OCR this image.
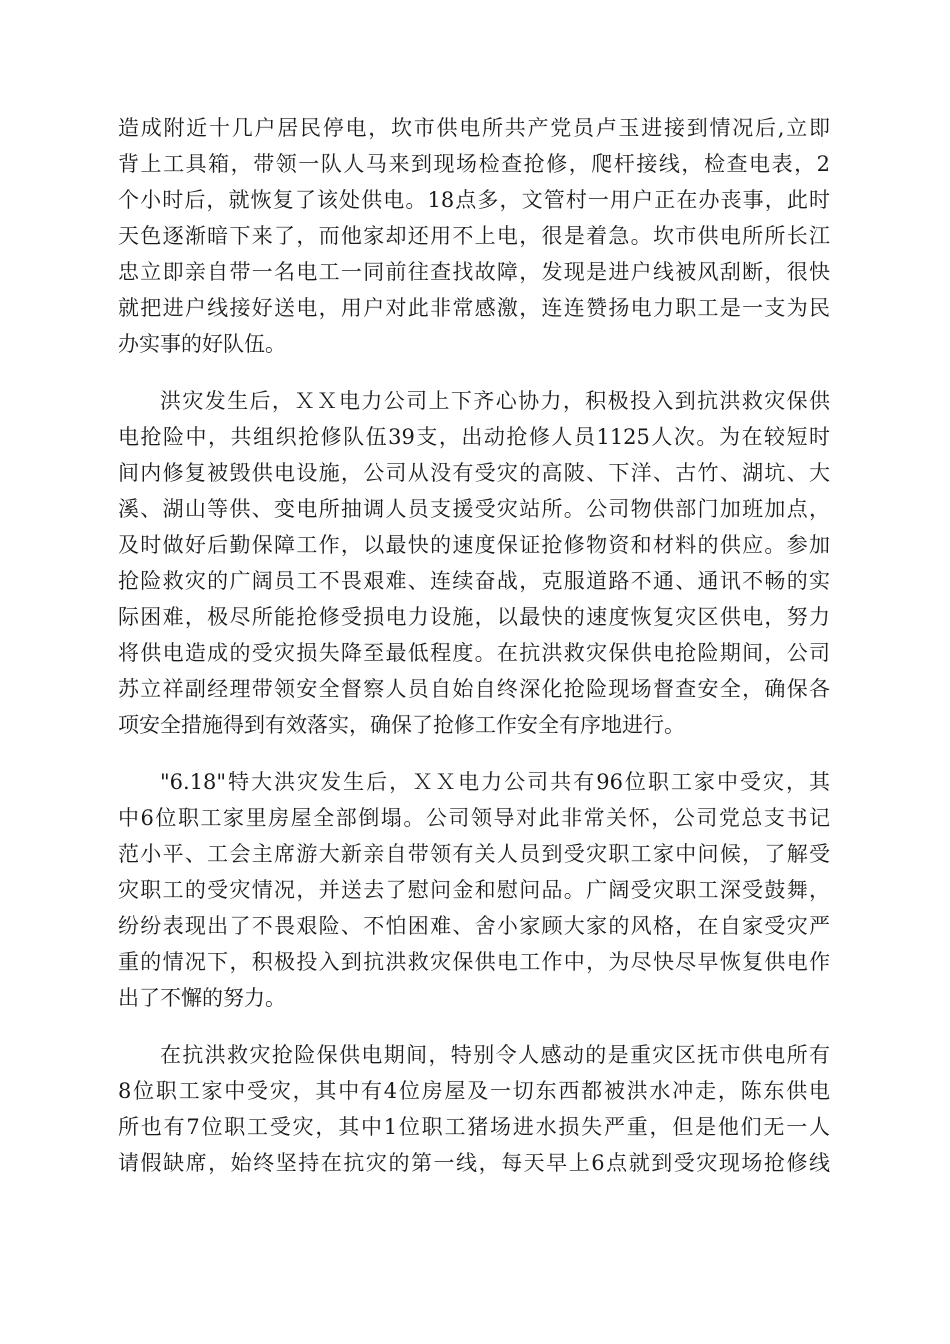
造成附近十几户居民停电，坎市供电所共产党员卢玉进接到情况后,立即
背上工具箱，带领一队人马来到现场检查抢修，爬杆接线，检查电表，2
个小时后，就恢复了该处供电。18点多，文管村一用户正在办丧事，此时
天色逐渐暗下来了，而他家却还用不上电，很是着急。坎市供电所所长江
忠立即亲自带一名电工一同前往查找故障，发现是进户线被风刮断，很快
就把进户线接好送电，用户对此非常感激，连连赞扬电力职工是一支为民
办实事的好队伍。
洪灾发生后，ＸＸ电力公司上下齐心协力，积极投入到抗洪救灾保供
电抢险中，共组织抢修队伍39支，出动抢修人员1125人次。为在较短时
间内修复被毁供电设施，公司从没有受灾的高陂、下洋、古竹、湖坑、大
溪、湖山等供、变电所抽调人员支援受灾站所。公司物供部门加班加点，
及时做好后勤保障工作，以最快的速度保证抢修物资和材料的供应。参加
抢险救灾的广阔员工不畏艰难、连续奋战，克服道路不通、通讯不畅的实
际困难，极尽所能抢修受损电力设施，以最快的速度恢复灾区供电，努力
将供电造成的受灾损失降至最低程度。在抗洪救灾保供电抢险期间，公司
苏立祥副经理带领安全督察人员自始自终深化抢险现场督查安全，确保各
项安全措施得到有效落实，确保了抢修工作安全有序地进行。
"6.18"特大洪灾发生后，ＸＸ电力公司共有96位职工家中受灾，其
中6位职工家里房屋全部倒塌。公司领导对此非常关怀，公司党总支书记
范小平、工会主席游大新亲自带领有关人员到受灾职工家中问候，了解受
灾职工的受灾情况，并送去了慰问金和慰问品。广阔受灾职工深受鼓舞，
纷纷表现出了不畏艰险、不怕困难、舍小家顾大家的风格，在自家受灾严
重的情况下，积极投入到抗洪救灾保供电工作中，为尽快尽早恢复供电作
出了不懈的努力。
在抗洪救灾抢险保供电期间，特别令人感动的是重灾区抚市供电所有
8位职工家中受灾，其中有4位房屋及一切东西都被洪水冲走，陈东供电
所也有7位职工受灾，其中1位职工猪场进水损失严重，但是他们无一人
请假缺席，始终坚持在抗灾的第一线，每天早上6点就到受灾现场抢修线
